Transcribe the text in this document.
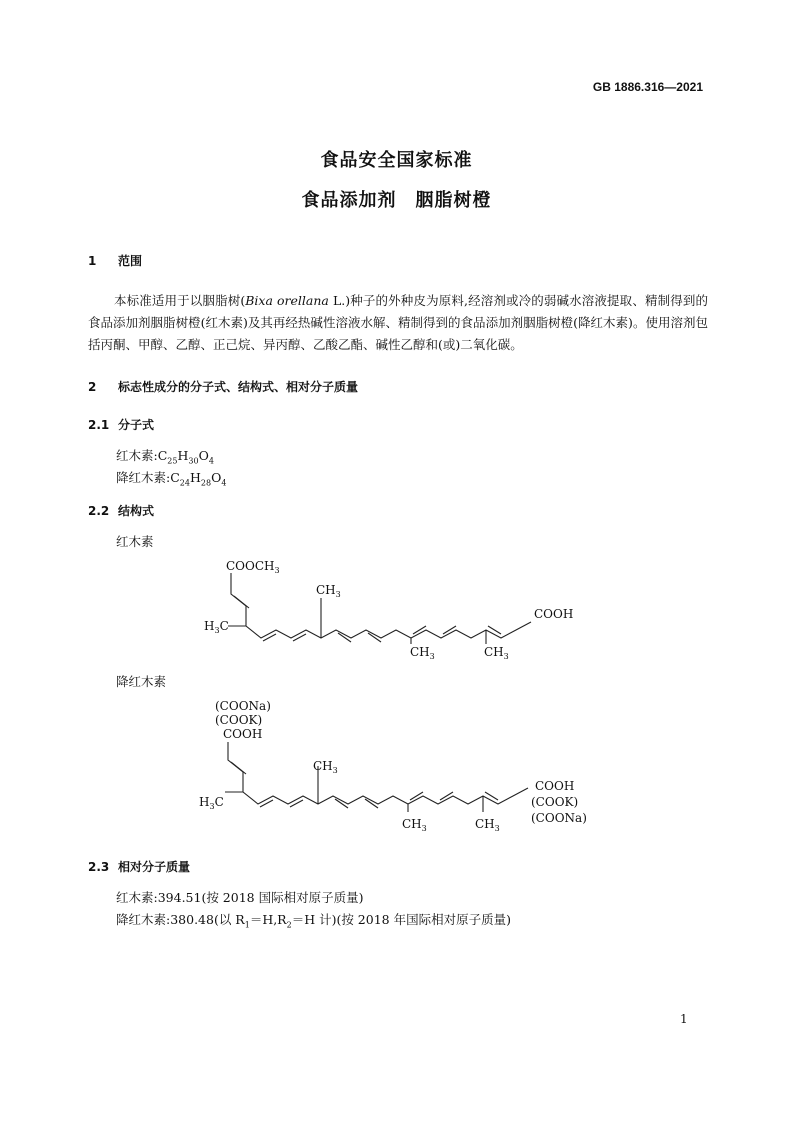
GB 1886.316—2021
食品安全国家标准
食品添加剂　胭脂树橙
1 范围
本标准适用于以胭脂树(Bixa orellana L.)种子的外种皮为原料,经溶剂或冷的弱碱水溶液提取、精制得到的食品添加剂胭脂树橙(红木素)及其再经热碱性溶液水解、精制得到的食品添加剂胭脂树橙(降红木素)。使用溶剂包括丙酮、甲醇、乙醇、正己烷、异丙醇、乙酸乙酯、碱性乙醇和(或)二氧化碳。
2 标志性成分的分子式、结构式、相对分子质量
2.1 分子式
红木素$:C_{25}H_{30}O_4$
降红木素$:C_{24}H_{28}O_4$
2.2 结构式
红木素
$COOCH_3$
$H_3C$
$CH_3$
$CH_3$	$CH_3$
COOH
降红木素
(COONa)
(COOK)
COOH
$H_3C$
$CH_3$
$CH_3$	$CH_3$
COOH
(COOK)
(COONa)
2.3 相对分子质量
红木素:394.51(按 2018 国际相对原子质量)
降红木素:380.48(以 $R_1=H,R_2=H$ 计)(按 2018 年国际相对原子质量)
1
